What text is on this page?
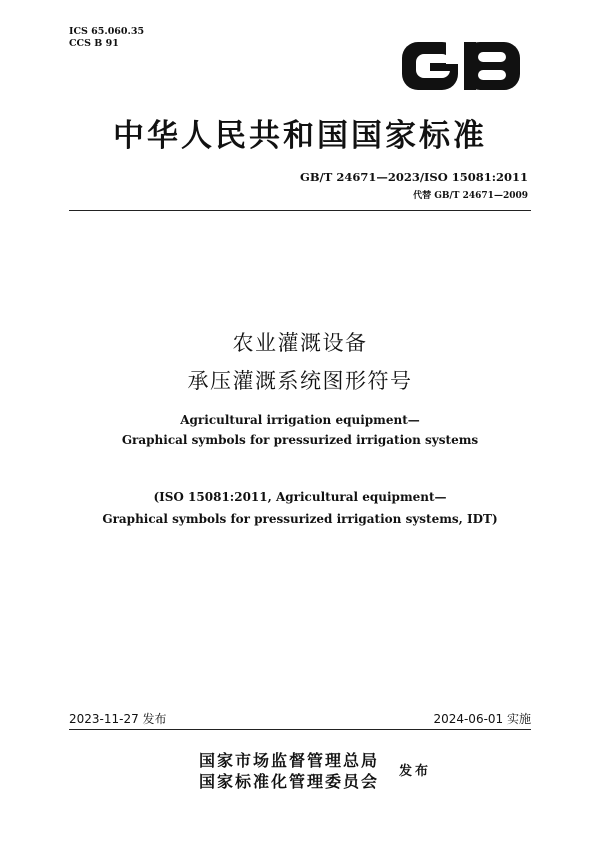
ICS 65.060.35
CCS B 91	GB
中华人民共和国国家标准
GB/T 24671—2023/ISO 15081:2011
代替 GB/T 24671—2009
农业灌溉设备
承压灌溉系统图形符号
Agricultural irrigation equipment—
Graphical symbols for pressurized irrigation systems
(ISO 15081:2011, Agricultural equipment—
Graphical symbols for pressurized irrigation systems, IDT)
2023-11-27 发布	2024-06-01 实施
国家市场监督管理总局
国家标准化管理委员会
发布
